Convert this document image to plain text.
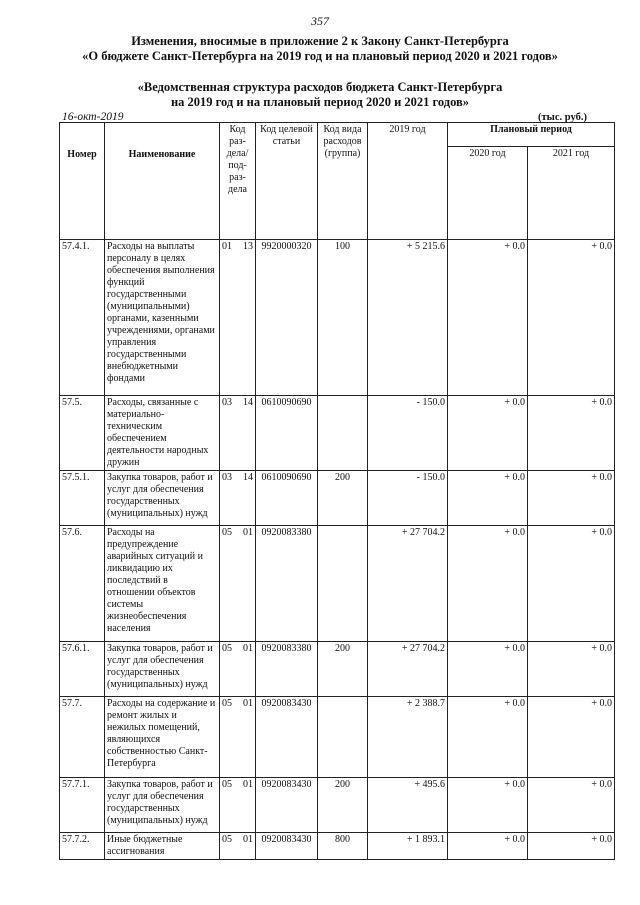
357
Изменения, вносимые в приложение 2 к Закону Санкт-Петербурга
«О бюджете Санкт-Петербурга на 2019 год и на плановый период 2020 и 2021 годов»
«Ведомственная структура расходов бюджета Санкт-Петербурга
на 2019 год и на плановый период 2020 и 2021 годов»
16-окт-2019	(тыс. руб.)
Номер	Наименование	Код раз-дела/ под-раз-дела	Код целевой статьи	Код вида расходов (группа)	2019 год	Плановый период	
						2020 год	2021 год
57.4.1.	Расходы на выплаты персоналу в целях обеспечения выполнения функций государственными (муниципальными) органами, казенными учреждениями, органами управления государственными внебюджетными фондами	01 13	9920000320	100	+ 5 215.6	+ 0.0	+ 0.0
57.5.	Расходы, связанные с материально-техническим обеспечением деятельности народных дружин	03 14	0610090690		- 150.0	+ 0.0	+ 0.0
57.5.1.	Закупка товаров, работ и услуг для обеспечения государственных (муниципальных) нужд	03 14	0610090690	200	- 150.0	+ 0.0	+ 0.0
57.6.	Расходы на предупреждение аварийных ситуаций и ликвидацию их последствий в отношении объектов системы жизнеобеспечения населения	05 01	0920083380		+ 27 704.2	+ 0.0	+ 0.0
57.6.1.	Закупка товаров, работ и услуг для обеспечения государственных (муниципальных) нужд	05 01	0920083380	200	+ 27 704.2	+ 0.0	+ 0.0
57.7.	Расходы на содержание и ремонт жилых и нежилых помещений, являющихся собственностью Санкт-Петербурга	05 01	0920083430		+ 2 388.7	+ 0.0	+ 0.0
57.7.1.	Закупка товаров, работ и услуг для обеспечения государственных (муниципальных) нужд	05 01	0920083430	200	+ 495.6	+ 0.0	+ 0.0
57.7.2.	Иные бюджетные ассигнования	05 01	0920083430	800	+ 1 893.1	+ 0.0	+ 0.0
